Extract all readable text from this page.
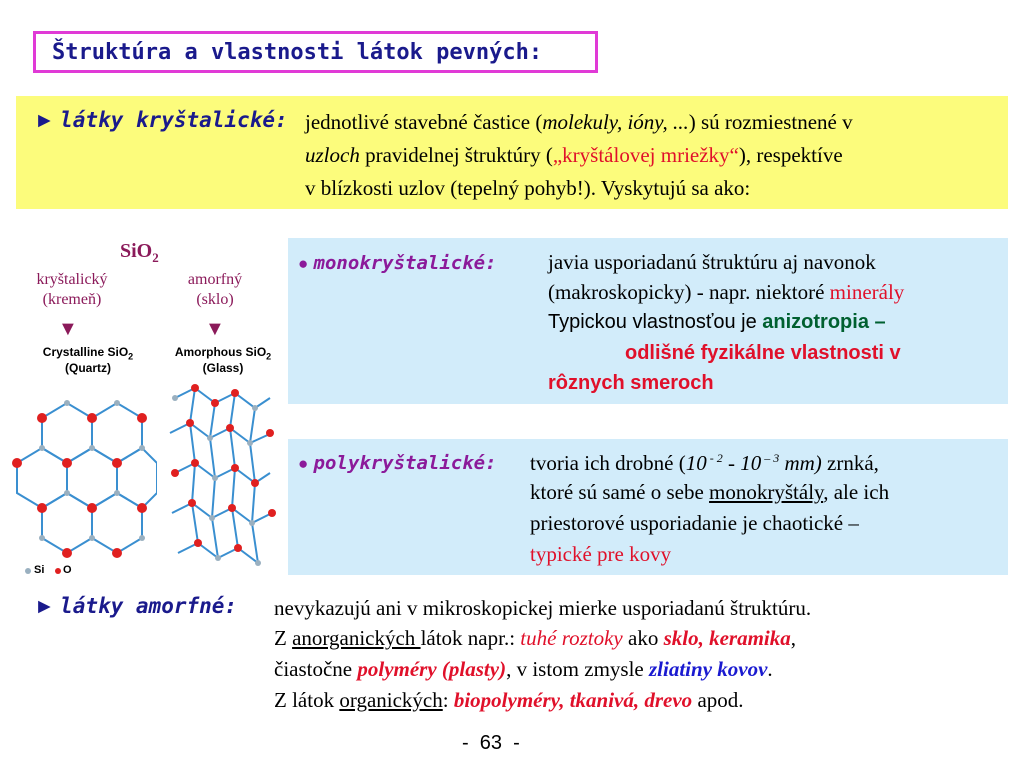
Štruktúra a vlastnosti látok pevných:
► látky kryštalické: jednotlivé stavebné častice (molekuly, ióny, ...) sú rozmiestnené v
uzloch pravidelnej štruktúry („kryštálovej mriežky“), respektíve
v blízkosti uzlov (tepelný pohyb!). Vyskytujú sa ako:
SiO$_2$
kryštalický
(kremeň)
amorfný
(sklo)
▼	▼
Crystalline SiO$_2$
(Quartz)
Amorphous SiO$_2$
(Glass)
Si O
● monokryštalické: javia usporiadanú štruktúru aj navonok
(makroskopicky) - napr. niektoré minerály
Typickou vlastnosťou je anizotropia –
odlišné fyzikálne vlastnosti v
rôznych smeroch
● polykryštalické: tvoria ich drobné (10 $^{- 2}$ - 10 $^{- 3}$ mm) zrnká,
ktoré sú samé o sebe monokryštály, ale ich
priestorové usporiadanie je chaotické –
typické pre kovy
► látky amorfné: nevykazujú ani v mikroskopickej mierke usporiadanú štruktúru.
Z anorganických látok napr.: tuhé roztoky ako sklo, keramika,
čiastočne polyméry (plasty), v istom zmysle zliatiny kovov.
Z látok organických: biopolyméry, tkanivá, drevo apod.
-  63  -
